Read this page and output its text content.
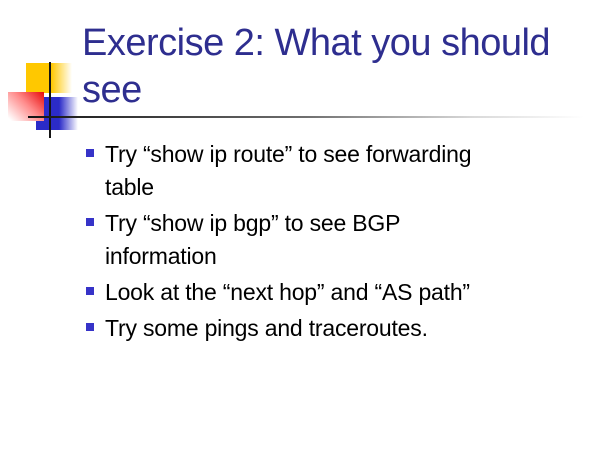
Exercise 2: What you should
see
Try “show ip route” to see forwarding
table
Try “show ip bgp” to see BGP
information
Look at the “next hop” and “AS path”
Try some pings and traceroutes.
